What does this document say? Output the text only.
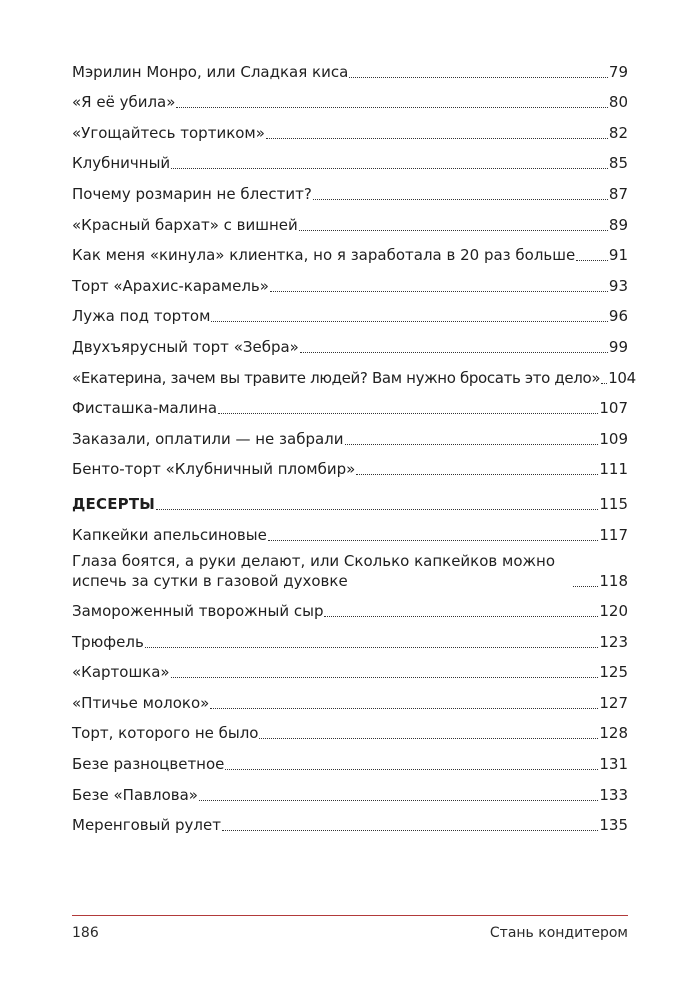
Мэрилин Монро, или Сладкая киса	79
«Я её убила»	80
«Угощайтесь тортиком»	82
Клубничный	85
Почему розмарин не блестит?	87
«Красный бархат» с вишней	89
Как меня «кинула» клиентка, но я заработала в 20 раз больше 91
Торт «Арахис-карамель»	93
Лужа под тортом	96
Двухъярусный торт «Зебра»	99
«Екатерина, зачем вы травите людей? Вам нужно бросать это дело» 104
Фисташка-малина	107
Заказали, оплатили — не забрали	109
Бенто-торт «Клубничный пломбир»	111
ДЕСЕРТЫ	115
Капкейки апельсиновые	117
Глаза боятся, а руки делают, или Сколько капкейков можно испечь за сутки в газовой духовке	118
Замороженный творожный сыр	120
Трюфель	123
«Картошка»	125
«Птичье молоко»	127
Торт, которого не было	128
Безе разноцветное	131
Безе «Павлова»	133
Меренговый рулет	135
186	Стань кондитером
